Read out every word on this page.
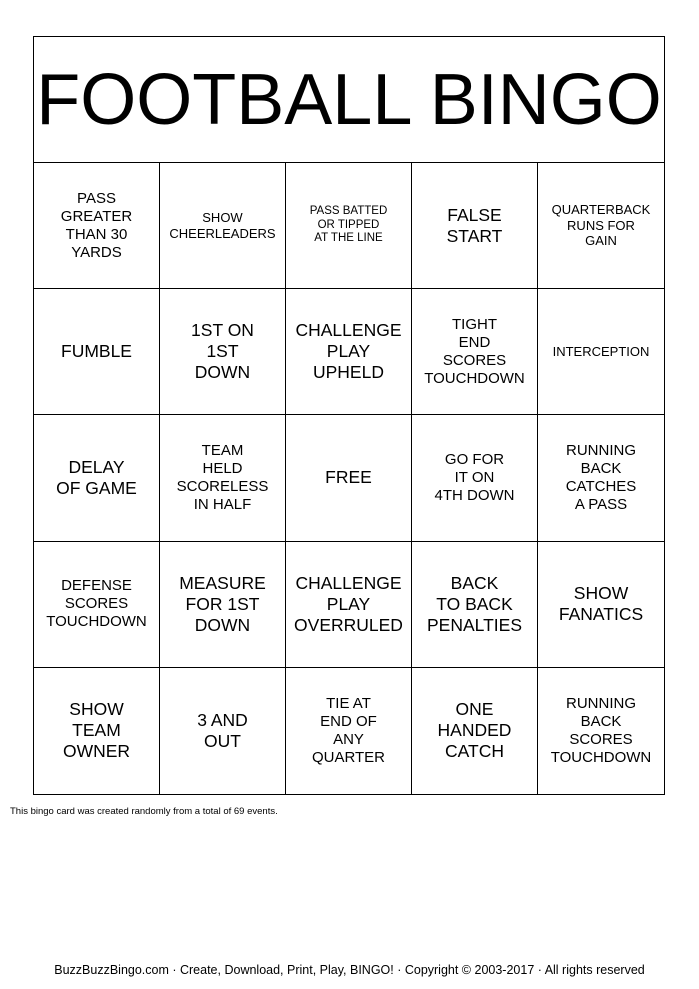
FOOTBALL BINGO
PASS
GREATER
THAN 30
YARDS
SHOW
CHEERLEADERS
PASS BATTED
OR TIPPED
AT THE LINE
FALSE
START
QUARTERBACK
RUNS FOR
GAIN
FUMBLE
1ST ON
1ST
DOWN
CHALLENGE
PLAY
UPHELD
TIGHT
END
SCORES
TOUCHDOWN
INTERCEPTION
DELAY
OF GAME
TEAM
HELD
SCORELESS
IN HALF
FREE
GO FOR
IT ON
4TH DOWN
RUNNING
BACK
CATCHES
A PASS
DEFENSE
SCORES
TOUCHDOWN
MEASURE
FOR 1ST
DOWN
CHALLENGE
PLAY
OVERRULED
BACK
TO BACK
PENALTIES
SHOW
FANATICS
SHOW
TEAM
OWNER
3 AND
OUT
TIE AT
END OF
ANY
QUARTER
ONE
HANDED
CATCH
RUNNING
BACK
SCORES
TOUCHDOWN
This bingo card was created randomly from a total of 69 events.
BuzzBuzzBingo.com · Create, Download, Print, Play, BINGO! · Copyright © 2003-2017 · All rights reserved
